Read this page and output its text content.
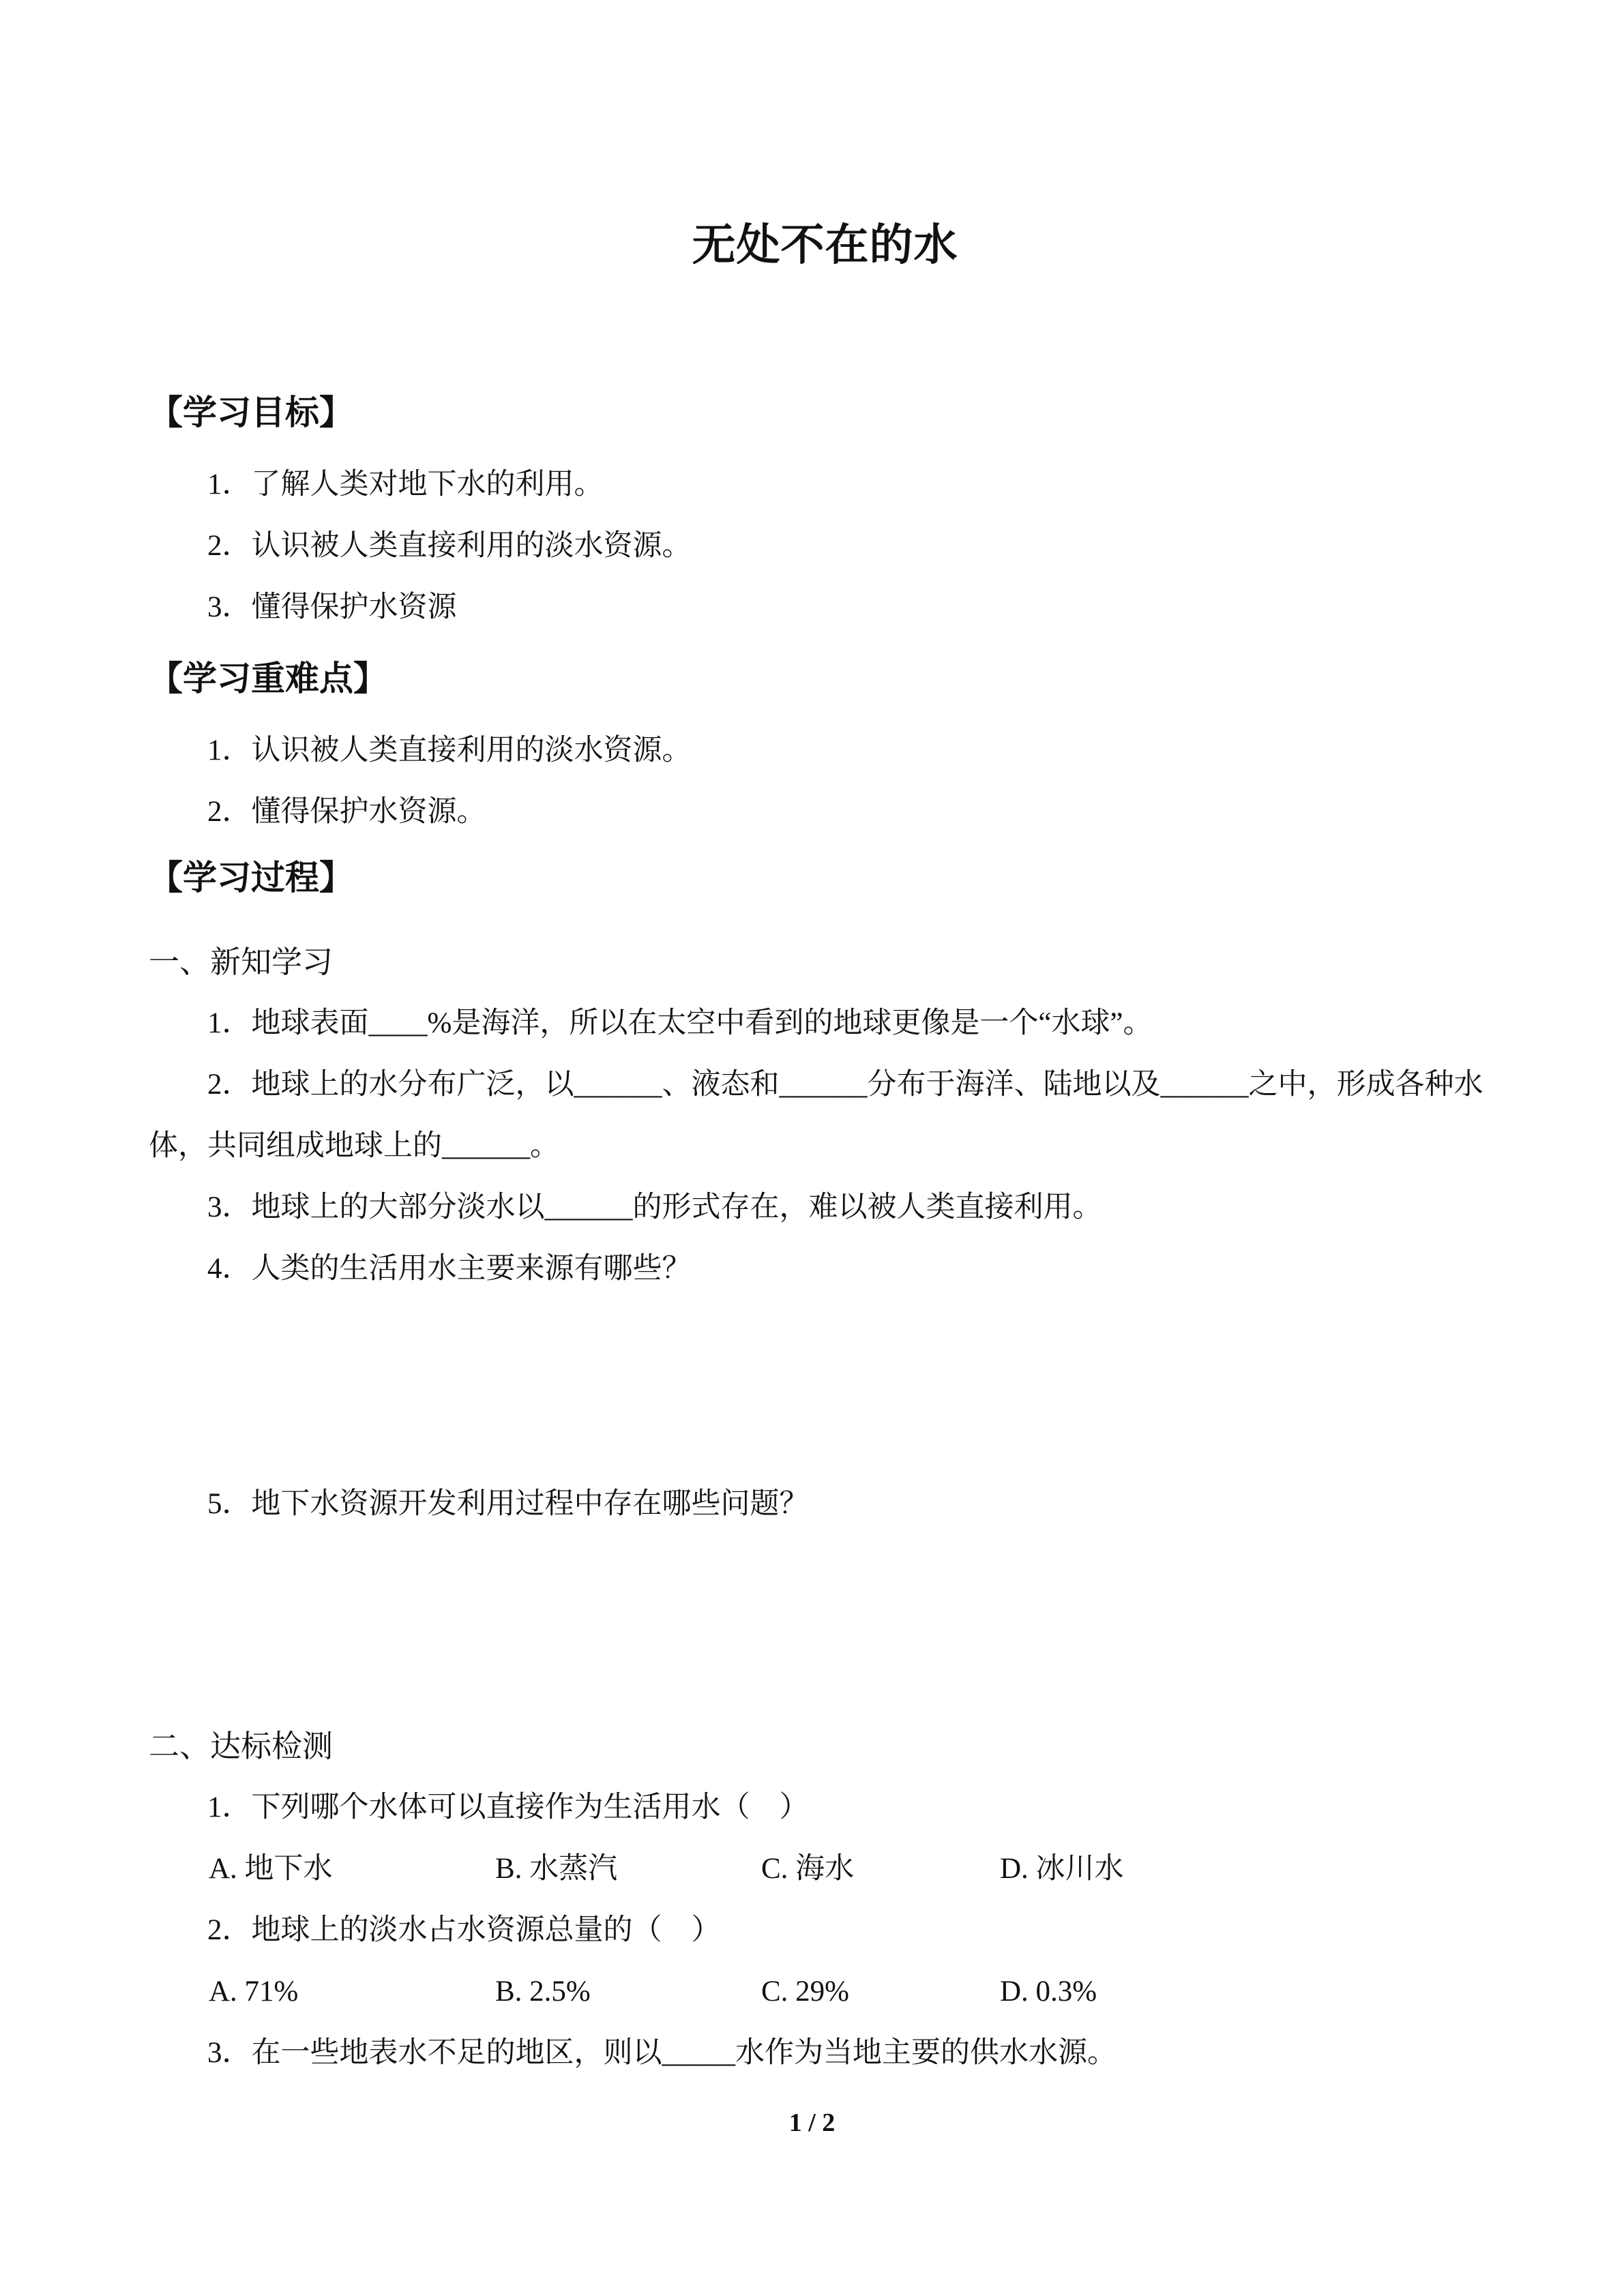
无处不在的水
【学习目标】

1．了解人类对地下水的利用。

2．认识被人类直接利用的淡水资源。

3．懂得保护水资源

【学习重难点】

1．认识被人类直接利用的淡水资源。

2．懂得保护水资源。

【学习过程】
一、新知学习

1．地球表面____%是海洋，所以在太空中看到的地球更像是一个“水球”。

2．地球上的水分布广泛，以______、液态和______分布于海洋、陆地以及______之中，形成各种水体，共同组成地球上的______。

3．地球上的大部分淡水以______的形式存在，难以被人类直接利用。

4．人类的生活用水主要来源有哪些？

5．地下水资源开发利用过程中存在哪些问题？

二、达标检测

1．下列哪个水体可以直接作为生活用水（　）

A. 地下水	B. 水蒸汽	C. 海水	D. 冰川水

2．地球上的淡水占水资源总量的（　）

A. 71%	B. 2.5%	C. 29%	D. 0.3%

3．在一些地表水不足的地区，则以_____水作为当地主要的供水水源。

1 / 2
